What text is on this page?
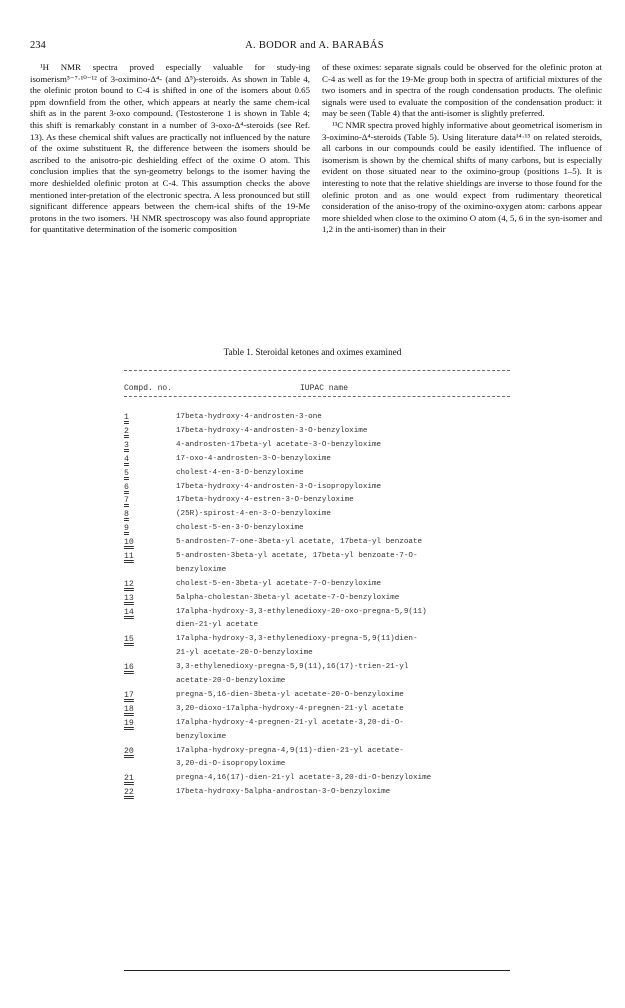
234	A. BODOR and A. BARABÁS

¹H NMR spectra proved especially valuable for study-ing isomerism⁵⁻⁷·¹⁰⁻¹² of 3-oximino-Δ⁴- (and Δ⁵)-steroids. As shown in Table 4, the olefinic proton bound to C-4 is shifted in one of the isomers about 0.65 ppm downfield from the other, which appears at nearly the same chem-ical shift as in the parent 3-oxo compound. (Testosterone 1 is shown in Table 4; this shift is remarkably constant in a number of 3-oxo-Δ⁴-steroids (see Ref. 13). As these chemical shift values are practically not influenced by the nature of the oxime substituent R, the difference between the isomers should be ascribed to the anisotro-pic deshielding effect of the oxime O atom. This conclusion implies that the syn-geometry belongs to the isomer having the more deshielded olefinic proton at C-4. This assumption checks the above mentioned inter-pretation of the electronic spectra. A less pronounced but still significant difference appears between the chem-ical shifts of the 19-Me protons in the two isomers. ¹H NMR spectroscopy was also found appropriate for quantitative determination of the isomeric composition

of these oximes: separate signals could be observed for the olefinic proton at C-4 as well as for the 19-Me group both in spectra of artificial mixtures of the two isomers and in spectra of the rough condensation products. The olefinic signals were used to evaluate the composition of the condensation product: it may be seen (Table 4) that the anti-isomer is slightly preferred.

¹³C NMR spectra proved highly informative about geometrical isomerism in 3-oximino-Δ⁴-steroids (Table 5). Using literature data¹⁴·¹⁵ on related steroids, all carbons in our compounds could be easily identified. The influence of isomerism is shown by the chemical shifts of many carbons, but is especially evident on those situated near to the oximino-group (positions 1–5). It is interesting to note that the relative shieldings are inverse to those found for the olefinic proton and as one would expect from rudimentary theoretical consideration of the aniso-tropy of the oximino-oxygen atom: carbons appear more shielded when close to the oximino O atom (4, 5, 6 in the syn-isomer and 1,2 in the anti-isomer) than in their

Table 1. Steroidal ketones and oximes examined
Compd. no.	IUPAC name
1	17beta-hydroxy-4-androsten-3-one
2	17beta-hydroxy-4-androsten-3-O-benzyloxime
3	4-androsten-17beta-yl acetate-3-O-benzyloxime
4	17-oxo-4-androsten-3-O-benzyloxime
5	cholest-4-en-3-O-benzyloxime
6	17beta-hydroxy-4-androsten-3-O-isopropyloxime
7	17beta-hydroxy-4-estren-3-O-benzyloxime
8	(25R)-spirost-4-en-3-O-benzyloxime
9	cholest-5-en-3-O-benzyloxime
10	5-androsten-7-one-3beta-yl acetate, 17beta-yl benzoate
11	5-androsten-3beta-yl acetate, 17beta-yl benzoate-7-O-
benzyloxime
12	cholest-5-en-3beta-yl acetate-7-O-benzyloxime
13	5alpha-cholestan-3beta-yl acetate-7-O-benzyloxime
14	17alpha-hydroxy-3,3-ethylenedioxy-20-oxo-pregna-5,9(11)
dien-21-yl acetate
15	17alpha-hydroxy-3,3-ethylenedioxy-pregna-5,9(11)dien-
21-yl acetate-20-O-benzyloxime
16	3,3-ethylenedioxy-pregna-5,9(11),16(17)-trien-21-yl
acetate-20-O-benzyloxime
17	pregna-5,16-dien-3beta-yl acetate-20-O-benzyloxime
18	3,20-dioxo-17alpha-hydroxy-4-pregnen-21-yl acetate
19	17alpha-hydroxy-4-pregnen-21-yl acetate-3,20-di-O-
benzyloxime
20	17alpha-hydroxy-pregna-4,9(11)-dien-21-yl acetate-
3,20-di-O-isopropyloxime
21	pregna-4,16(17)-dien-21-yl acetate-3,20-di-O-benzyloxime
22	17beta-hydroxy-5alpha-androstan-3-O-benzyloxime
